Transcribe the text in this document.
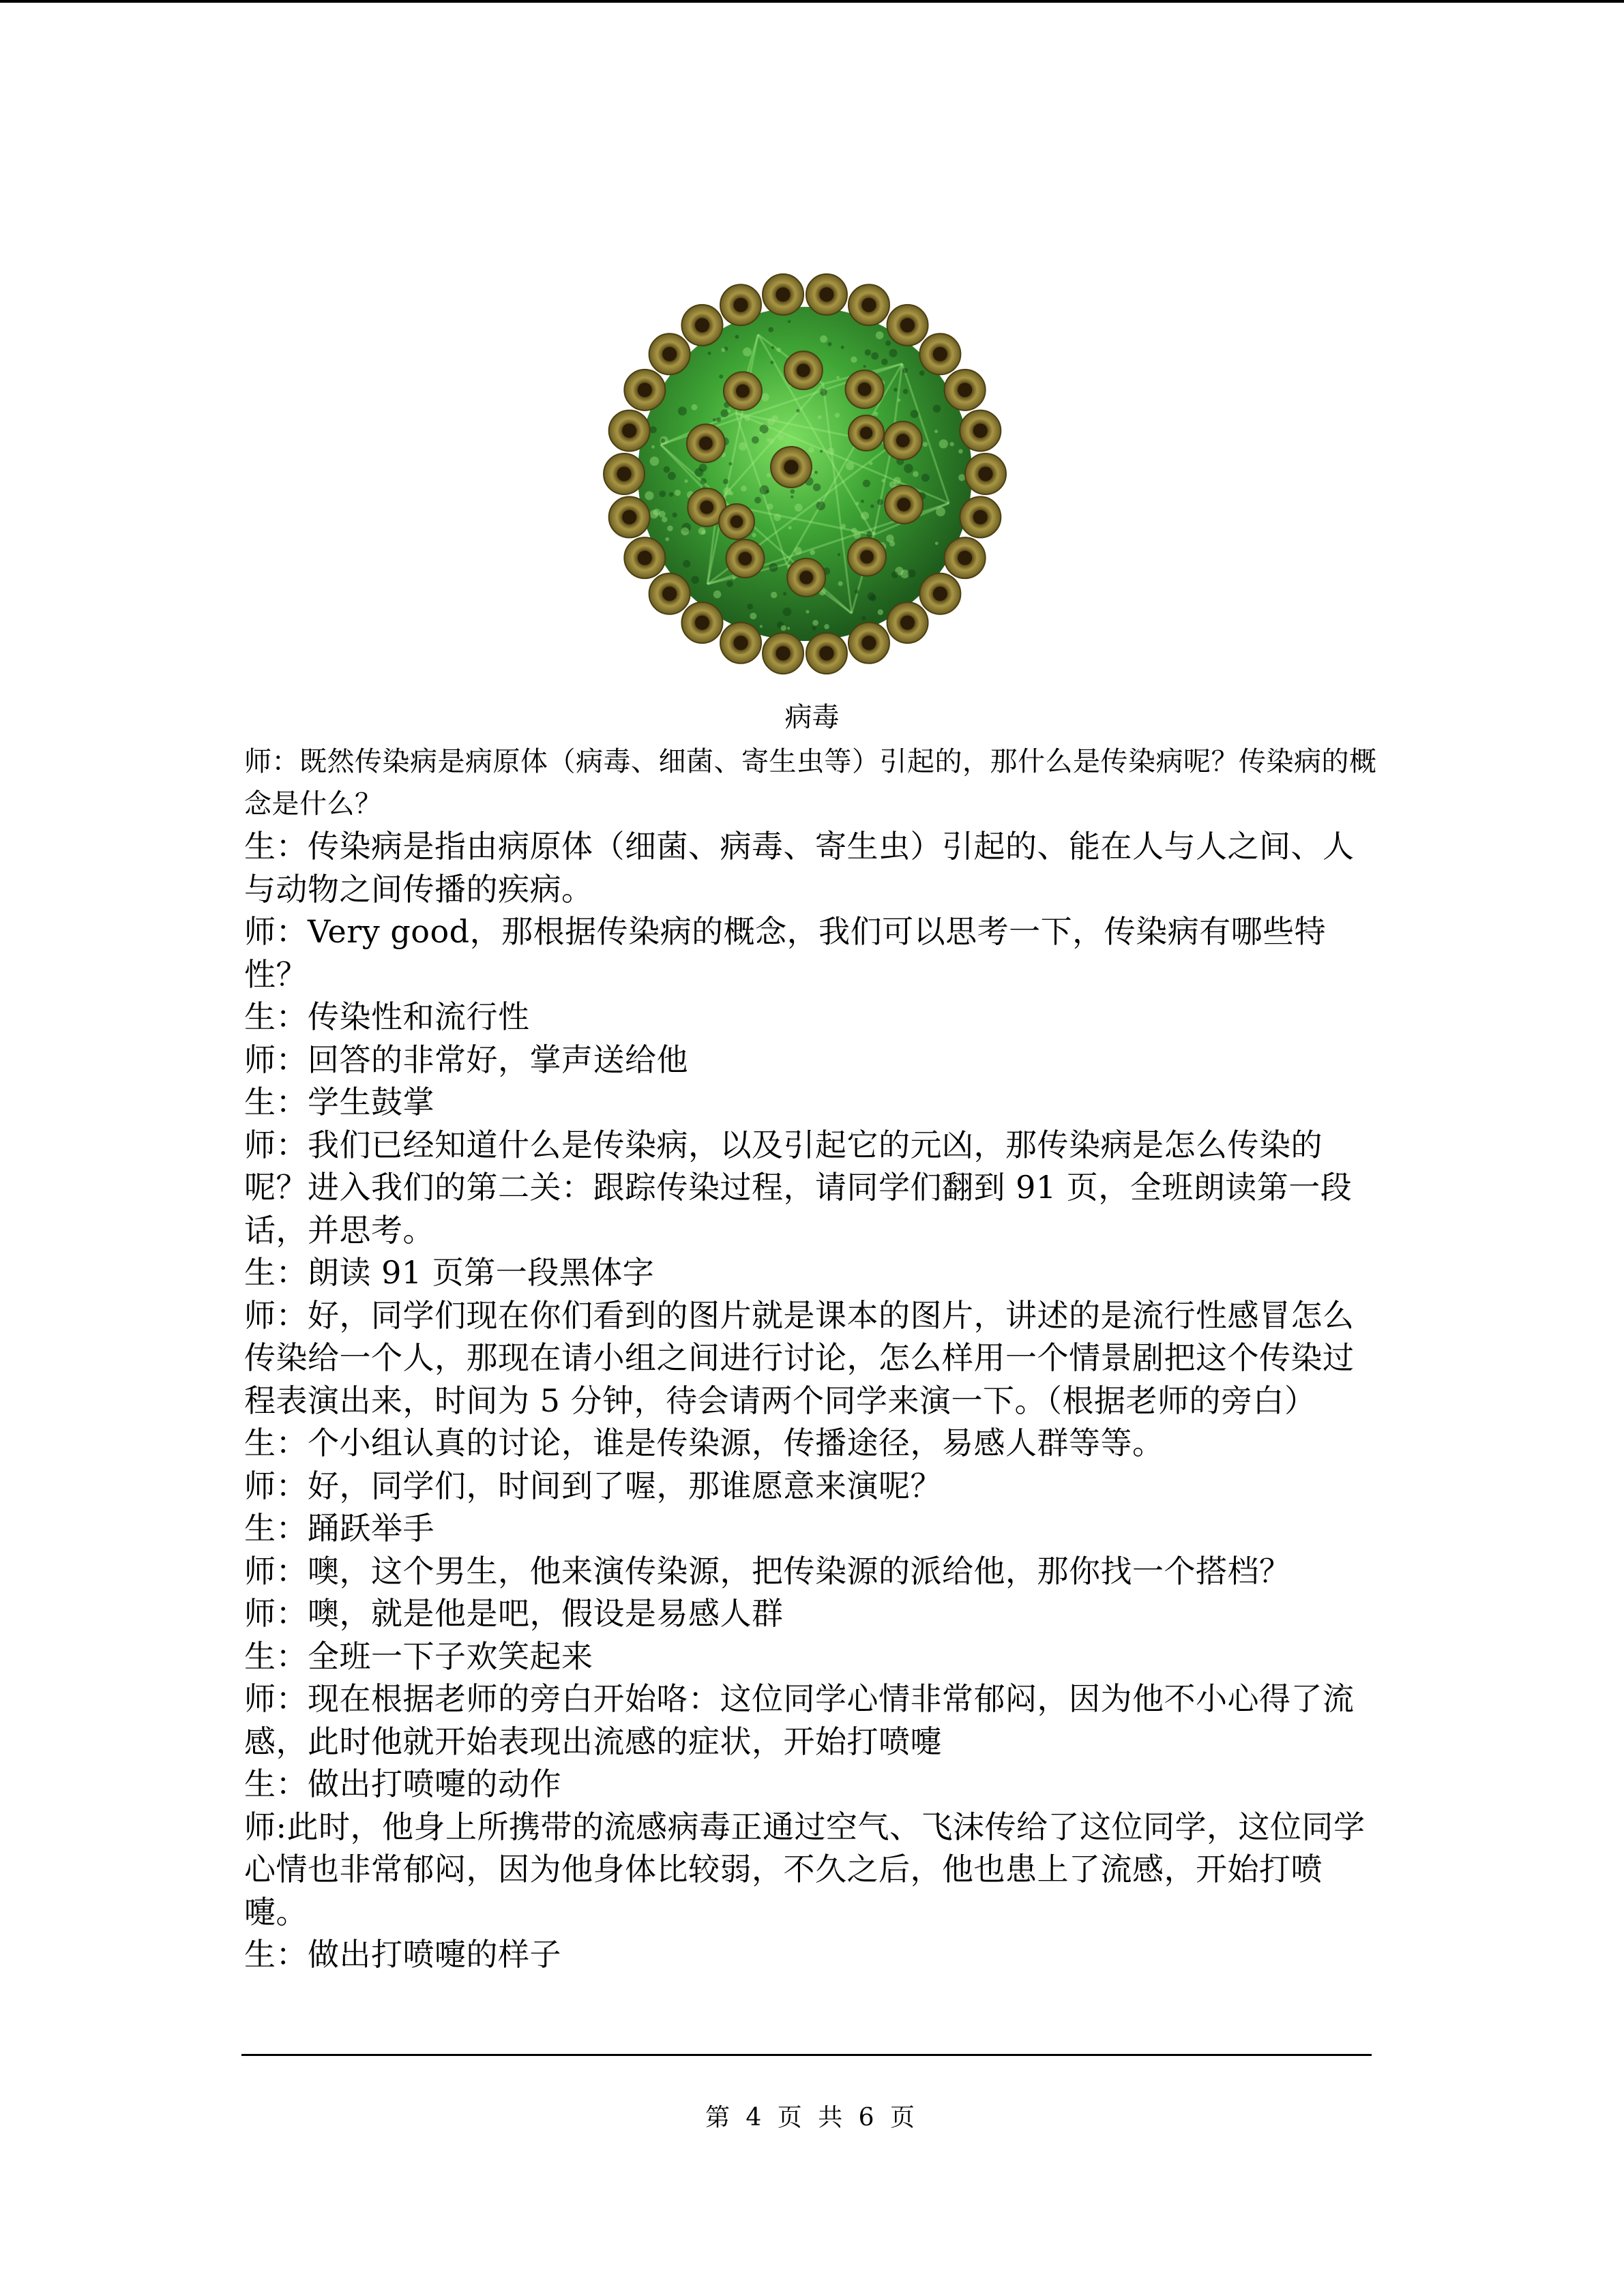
病毒

师：既然传染病是病原体（病毒、细菌、寄生虫等）引起的，那什么是传染病呢？传染病的概念是什么？

生：传染病是指由病原体（细菌、病毒、寄生虫）引起的、能在人与人之间、人与动物之间传播的疾病。

师：Very good，那根据传染病的概念，我们可以思考一下，传染病有哪些特性？

生：传染性和流行性

师：回答的非常好，掌声送给他

生：学生鼓掌

师：我们已经知道什么是传染病，以及引起它的元凶，那传染病是怎么传染的呢？进入我们的第二关：跟踪传染过程，请同学们翻到 91 页，全班朗读第一段话，并思考。

生：朗读 91 页第一段黑体字

师：好，同学们现在你们看到的图片就是课本的图片，讲述的是流行性感冒怎么传染给一个人，那现在请小组之间进行讨论，怎么样用一个情景剧把这个传染过程表演出来，时间为 5 分钟，待会请两个同学来演一下。（根据老师的旁白）

生：个小组认真的讨论，谁是传染源，传播途径，易感人群等等。

师：好，同学们，时间到了喔，那谁愿意来演呢？

生：踊跃举手

师：噢，这个男生，他来演传染源，把传染源的派给他，那你找一个搭档？

师：噢，就是他是吧，假设是易感人群

生：全班一下子欢笑起来

师：现在根据老师的旁白开始咯：这位同学心情非常郁闷，因为他不小心得了流感，此时他就开始表现出流感的症状，开始打喷嚏

生：做出打喷嚏的动作

师:此时，他身上所携带的流感病毒正通过空气、飞沫传给了这位同学，这位同学心情也非常郁闷，因为他身体比较弱，不久之后，他也患上了流感，开始打喷嚏。

生：做出打喷嚏的样子

第 4 页 共 6 页
